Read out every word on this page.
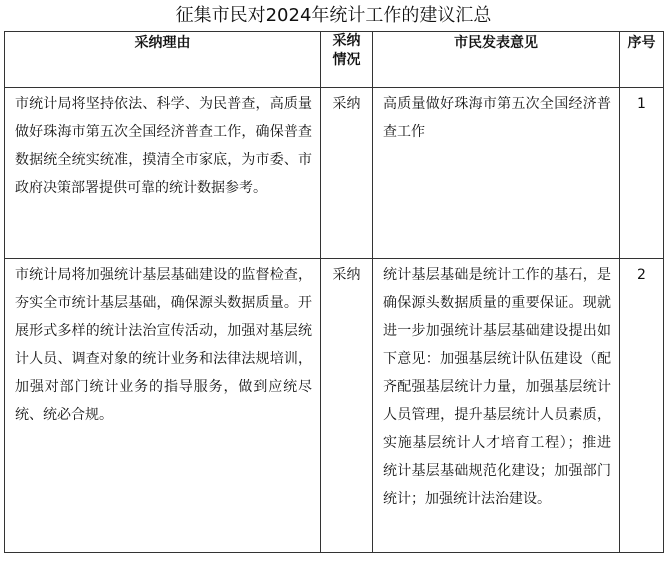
征集市民对2024年统计工作的建议汇总
采纳理由	采纳情况	市民发表意见	序号

市统计局将坚持依法、科学、为民普查，高质量做好珠海市第五次全国经济普查工作，确保普查数据统全统实统准，摸清全市家底，为市委、市政府决策部署提供可靠的统计数据参考。	采纳	高质量做好珠海市第五次全国经济普查工作	1

市统计局将加强统计基层基础建设的监督检查，夯实全市统计基层基础，确保源头数据质量。开展形式多样的统计法治宣传活动，加强对基层统计人员、调查对象的统计业务和法律法规培训，加强对部门统计业务的指导服务，做到应统尽统、统必合规。	采纳	统计基层基础是统计工作的基石，是确保源头数据质量的重要保证。现就进一步加强统计基层基础建设提出如下意见：加强基层统计队伍建设（配齐配强基层统计力量，加强基层统计人员管理，提升基层统计人员素质，实施基层统计人才培育工程）；推进统计基层基础规范化建设；加强部门统计；加强统计法治建设。	2
